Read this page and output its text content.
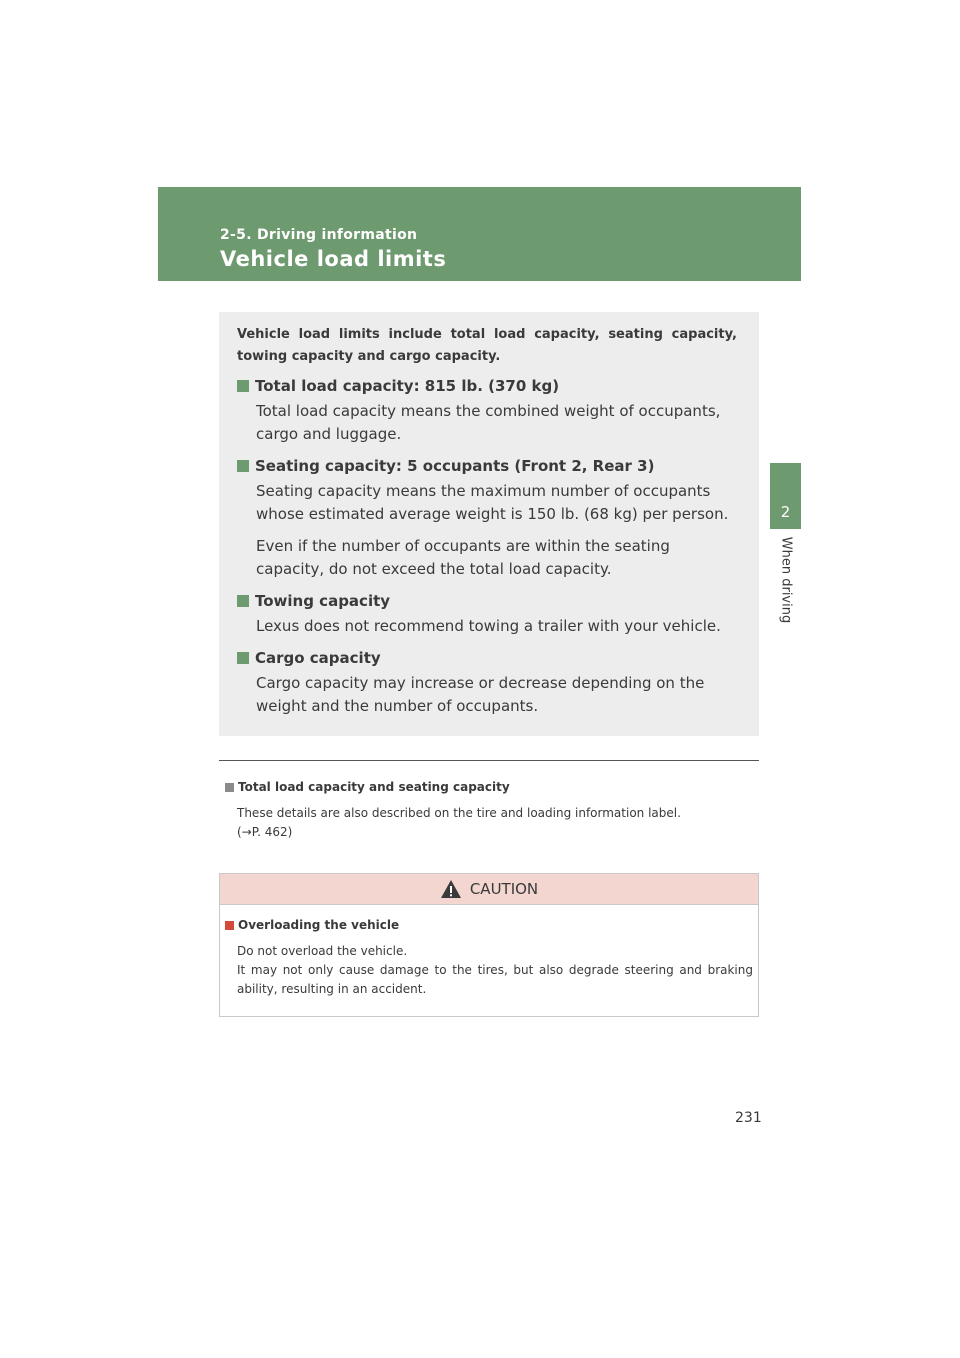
2-5. Driving information
Vehicle load limits
2
When driving

Vehicle load limits include total load capacity, seating capacity, towing capacity and cargo capacity.

Total load capacity: 815 lb. (370 kg)

Total load capacity means the combined weight of occupants, cargo and luggage.

Seating capacity: 5 occupants (Front 2, Rear 3)

Seating capacity means the maximum number of occupants whose estimated average weight is 150 lb. (68 kg) per person.

Even if the number of occupants are within the seating capacity, do not exceed the total load capacity.

Towing capacity

Lexus does not recommend towing a trailer with your vehicle.

Cargo capacity

Cargo capacity may increase or decrease depending on the weight and the number of occupants.

Total load capacity and seating capacity
These details are also described on the tire and loading information label.
(→P. 462)
CAUTION
Overloading the vehicle
Do not overload the vehicle.
It may not only cause damage to the tires, but also degrade steering and braking ability, resulting in an accident.
231
